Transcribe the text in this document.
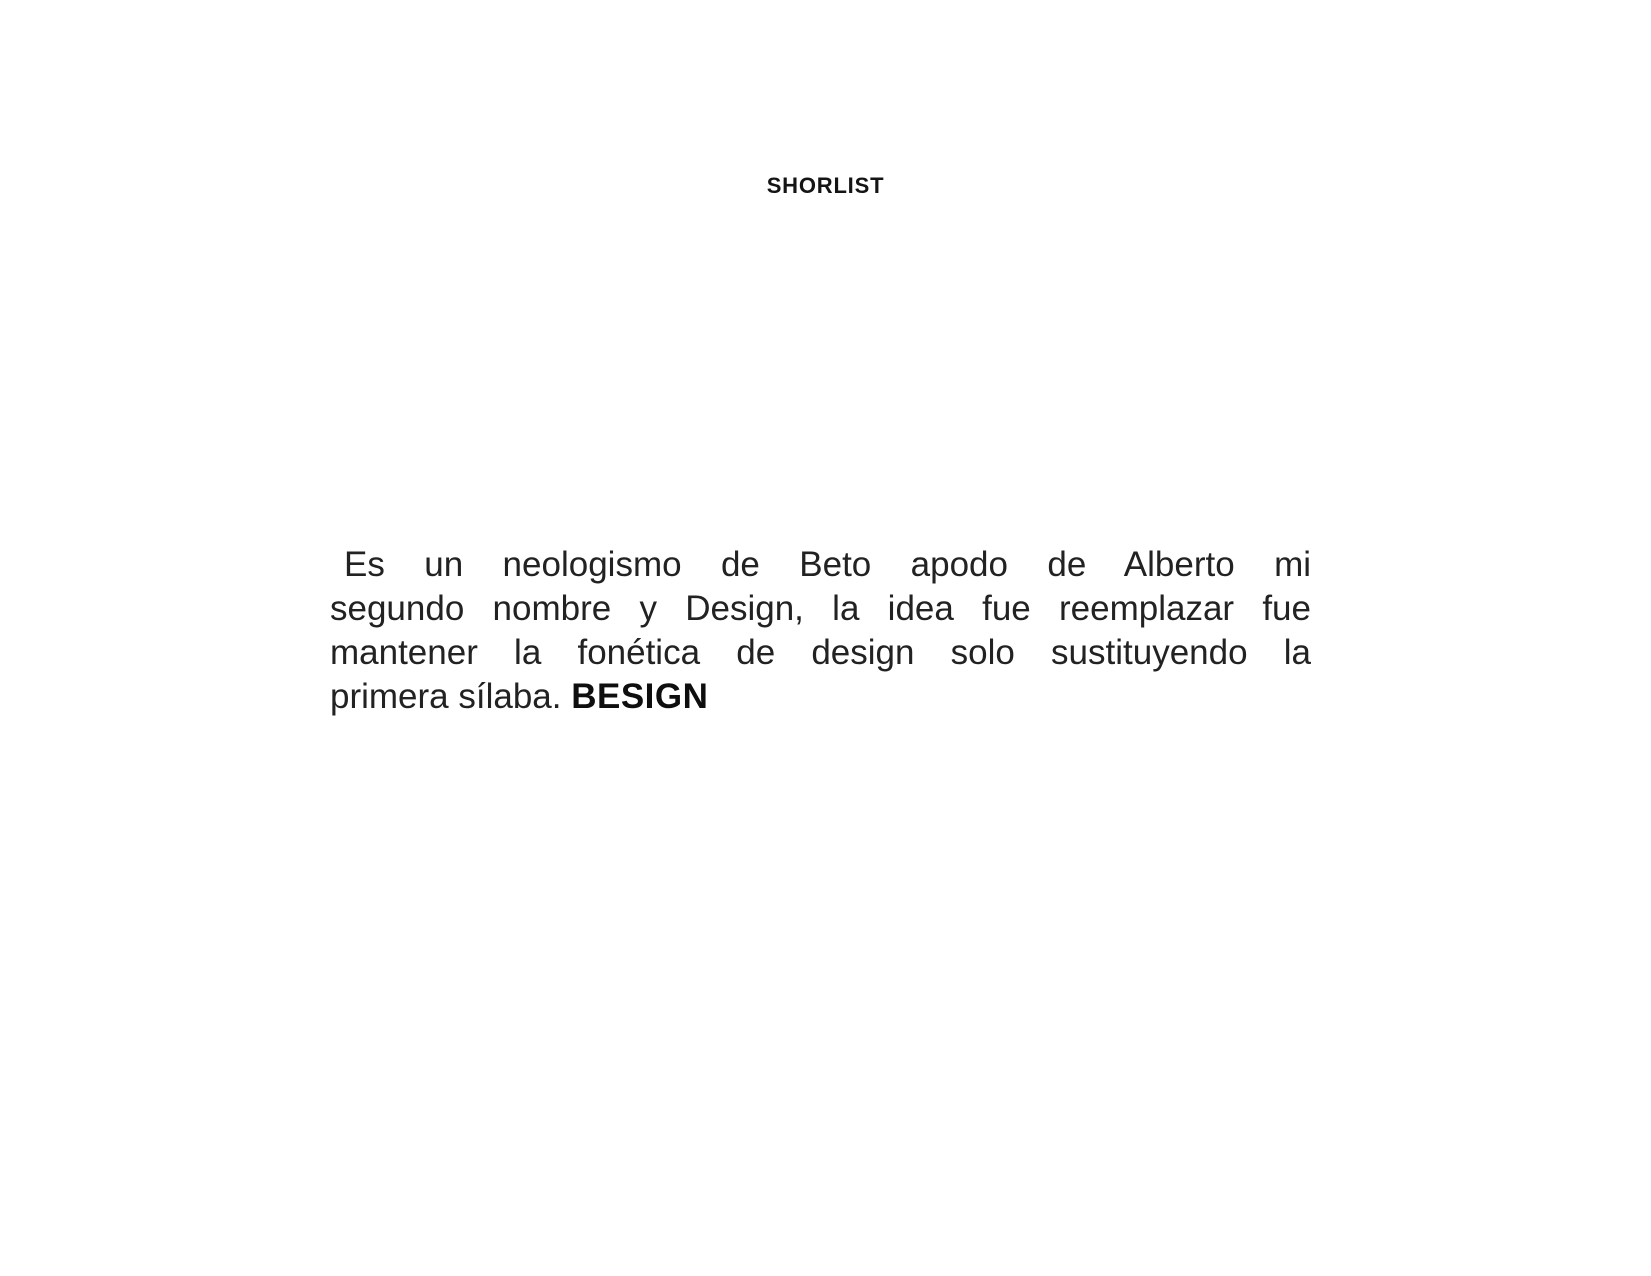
SHORLIST

Es un neologismo de Beto apodo de Alberto mi
segundo nombre y Design, la idea fue reemplazar fue
mantener la fonética de design solo sustituyendo la
primera sílaba. BESIGN
